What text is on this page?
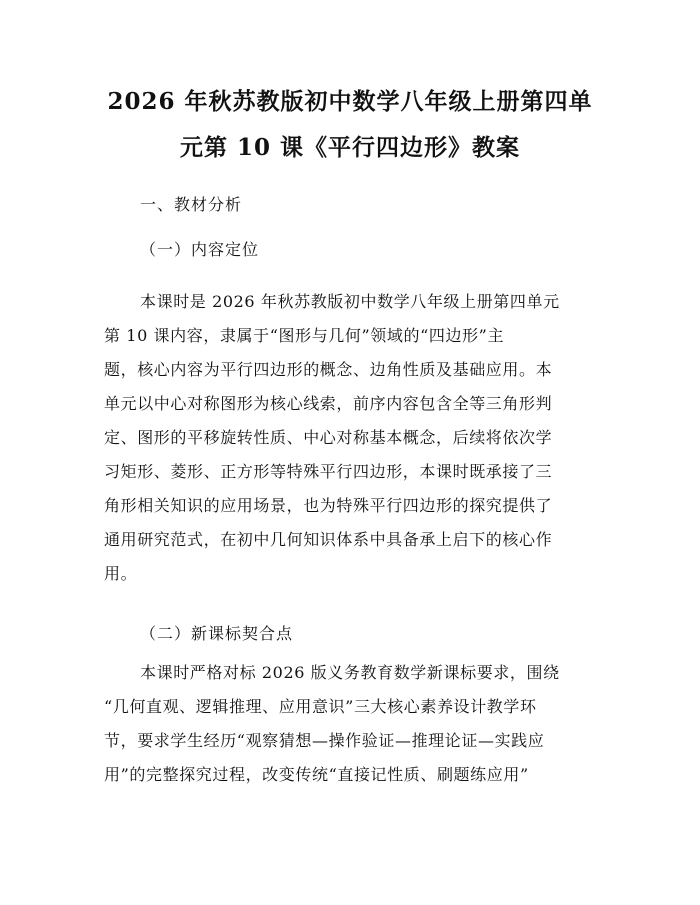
2026 年秋苏教版初中数学八年级上册第四单
元第 10 课《平行四边形》教案
一、教材分析
（一）内容定位
本课时是 2026 年秋苏教版初中数学八年级上册第四单元
第 10 课内容，隶属于“图形与几何”领域的“四边形”主
题，核心内容为平行四边形的概念、边角性质及基础应用。本
单元以中心对称图形为核心线索，前序内容包含全等三角形判
定、图形的平移旋转性质、中心对称基本概念，后续将依次学
习矩形、菱形、正方形等特殊平行四边形，本课时既承接了三
角形相关知识的应用场景，也为特殊平行四边形的探究提供了
通用研究范式，在初中几何知识体系中具备承上启下的核心作
用。
（二）新课标契合点
本课时严格对标 2026 版义务教育数学新课标要求，围绕
“几何直观、逻辑推理、应用意识”三大核心素养设计教学环
节，要求学生经历“观察猜想—操作验证—推理论证—实践应
用”的完整探究过程，改变传统“直接记性质、刷题练应用”
